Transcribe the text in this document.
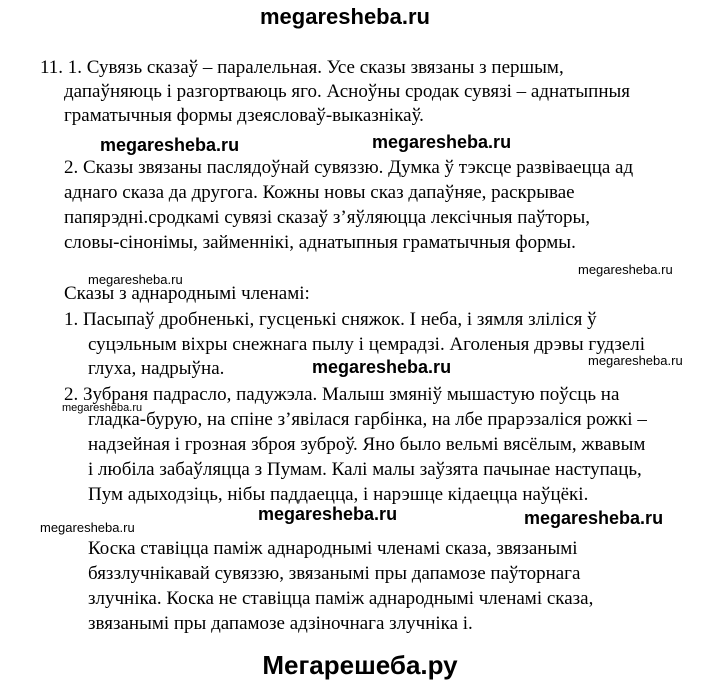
megaresheba.ru
megaresheba.ru	megaresheba.ru
megaresheba.ru
megaresheba.ru
megaresheba.ru	megaresheba.ru
megaresheba.ru
megaresheba.ru
megaresheba.ru	megaresheba.ru
11. 1. Сувязь сказаў – паралельная. Усе сказы звязаны з першым,
дапаўняюць і разгортваюць яго. Асноўны сродак сувязі – аднатыпныя
граматычныя формы дзеясловаў-выказнікаў.
2. Сказы звязаны паслядоўнай сувяззю. Думка ў тэксце развіваецца ад
аднаго сказа да другога. Кожны новы сказ дапаўняе, раскрывае
папярэдні.сродкамі сувязі сказаў з’яўляюцца лексічныя паўторы,
словы-сінонімы, займеннікі, аднатыпныя граматычныя формы.
Сказы з аднароднымі членамі:
1. Пасыпаў дробненькі, гусценькі сняжок. І неба, і зямля зліліся ў
суцэльным віхры снежнага пылу і цемрадзі. Аголеныя дрэвы гудзелі
глуха, надрыўна.
2. Зубраня падрасло, падужэла. Малыш змяніў мышастую поўсць на
гладка-бурую, на спіне з’явілася гарбінка, на лбе прарэзаліся рожкі –
надзейная і грозная зброя зуброў. Яно было вельмі вясёлым, жвавым
і любіла забаўляцца з Пумам. Калі малы заўзята пачынае наступаць,
Пум адыходзіць, нібы паддаецца, і нарэшце кідаецца наўцёкі.
Коска ставіцца паміж аднароднымі членамі сказа, звязанымі
бяззлучнікавай сувяззю, звязанымі пры дапамозе паўторнага
злучніка. Коска не ставіцца паміж аднароднымі членамі сказа,
звязанымі пры дапамозе адзіночнага злучніка і.
Мегарешеба.ру
